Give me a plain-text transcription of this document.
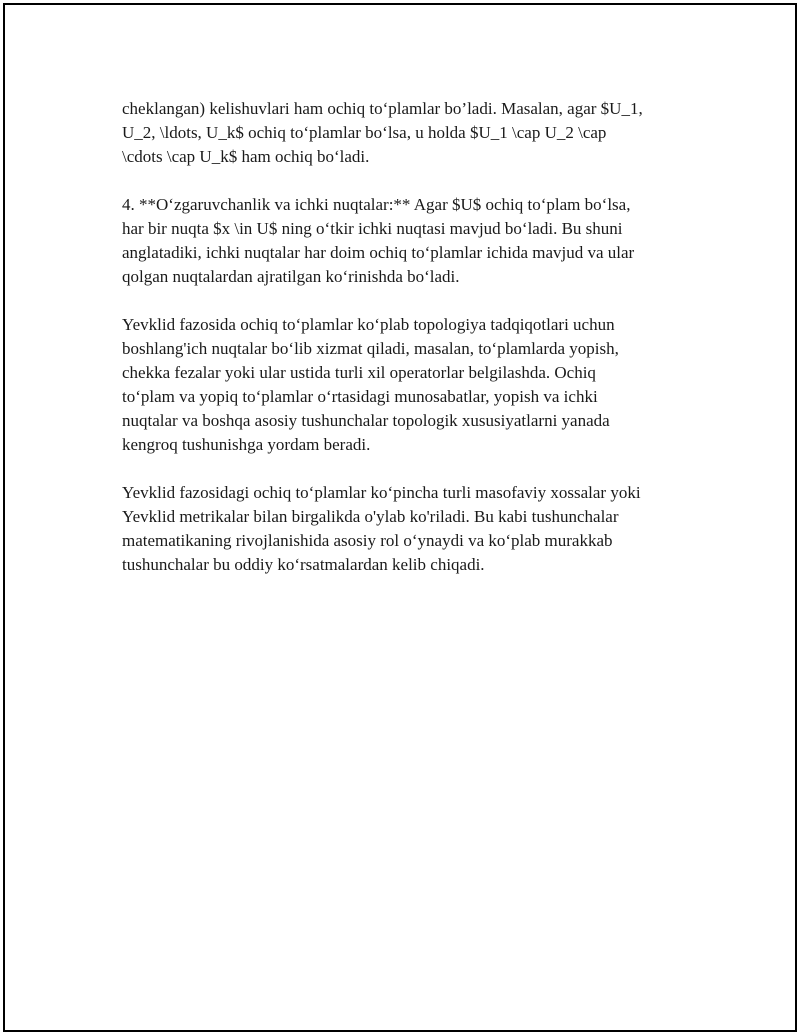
cheklangan) kelishuvlari ham ochiq to‘plamlar bo’ladi. Masalan, agar $U_1,
U_2, \ldots, U_k$ ochiq to‘plamlar bo‘lsa, u holda $U_1 \cap U_2 \cap
\cdots \cap U_k$ ham ochiq bo‘ladi.

4. **O‘zgaruvchanlik va ichki nuqtalar:** Agar $U$ ochiq to‘plam bo‘lsa,
har bir nuqta $x \in U$ ning o‘tkir ichki nuqtasi mavjud bo‘ladi. Bu shuni
anglatadiki, ichki nuqtalar har doim ochiq to‘plamlar ichida mavjud va ular
qolgan nuqtalardan ajratilgan ko‘rinishda bo‘ladi.

Yevklid fazosida ochiq to‘plamlar ko‘plab topologiya tadqiqotlari uchun
boshlang'ich nuqtalar bo‘lib xizmat qiladi, masalan, to‘plamlarda yopish,
chekka fezalar yoki ular ustida turli xil operatorlar belgilashda. Ochiq
to‘plam va yopiq to‘plamlar o‘rtasidagi munosabatlar, yopish va ichki
nuqtalar va boshqa asosiy tushunchalar topologik xususiyatlarni yanada
kengroq tushunishga yordam beradi.

Yevklid fazosidagi ochiq to‘plamlar ko‘pincha turli masofaviy xossalar yoki
Yevklid metrikalar bilan birgalikda o'ylab ko'riladi. Bu kabi tushunchalar
matematikaning rivojlanishida asosiy rol o‘ynaydi va ko‘plab murakkab
tushunchalar bu oddiy ko‘rsatmalardan kelib chiqadi.
